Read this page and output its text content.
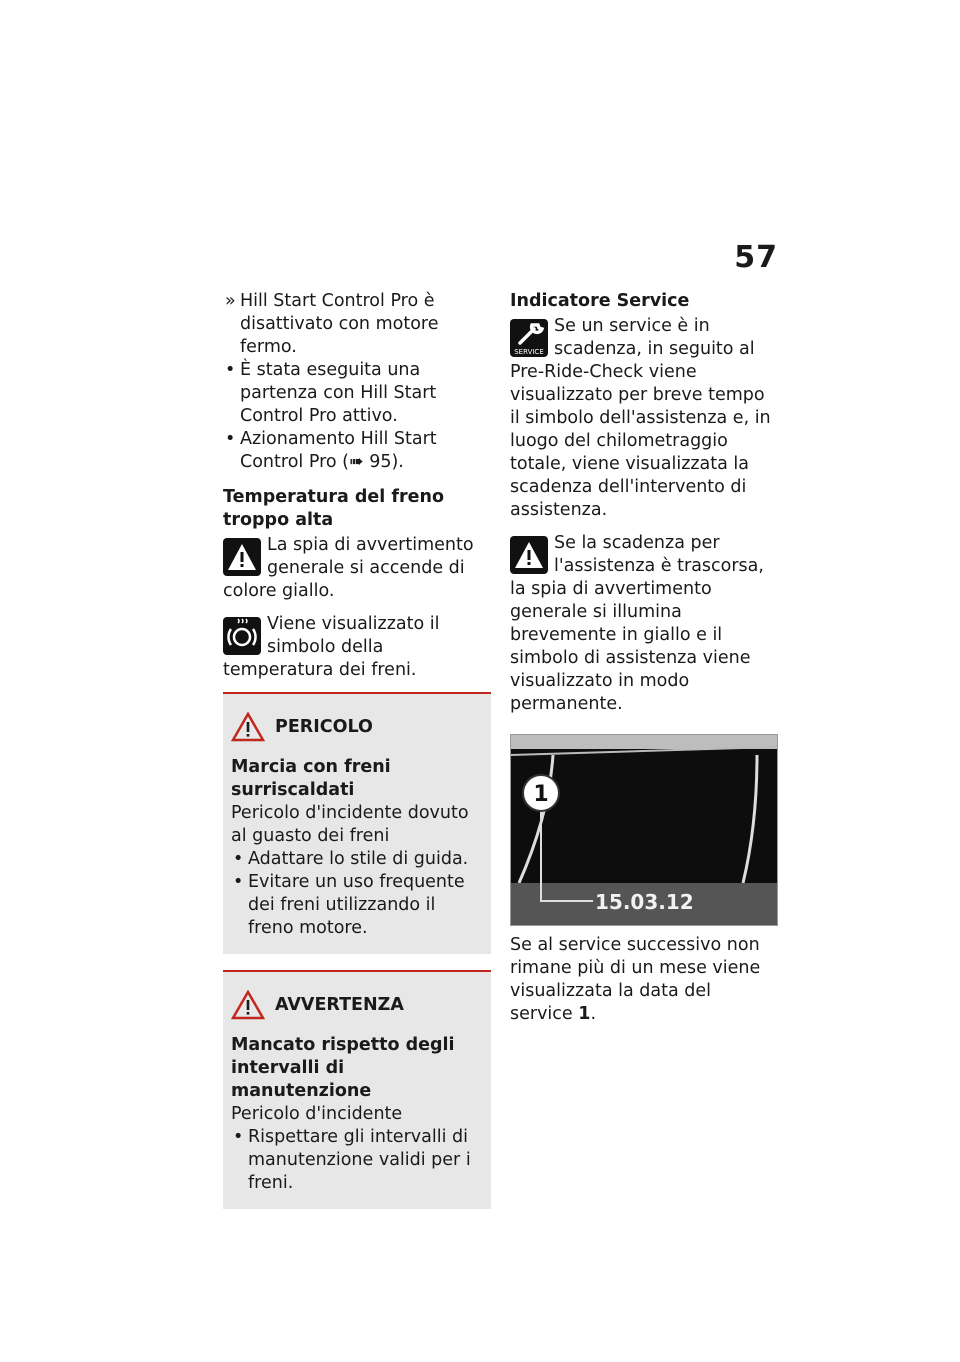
57
» Hill Start Control Pro è disattivato con motore fermo.
• È stata eseguita una partenza con Hill Start Control Pro attivo.
• Azionamento Hill Start Control Pro (➠ 95).
Temperatura del freno troppo alta
La spia di avvertimento generale si accende di colore giallo.
Viene visualizzato il simbolo della temperatura dei freni.
PERICOLO
Marcia con freni surriscaldati
Pericolo d'incidente dovuto al guasto dei freni
• Adattare lo stile di guida.
• Evitare un uso frequente dei freni utilizzando il freno motore.
AVVERTENZA
Mancato rispetto degli intervalli di manutenzione
Pericolo d'incidente
• Rispettare gli intervalli di manutenzione validi per i freni.
Indicatore Service
SERVICE
Se un service è in scadenza, in seguito al Pre-Ride-Check viene visualizzato per breve tempo il simbolo dell'assistenza e, in luogo del chilometraggio totale, viene visualizzata la scadenza dell'intervento di assistenza.
Se la scadenza per l'assistenza è trascorsa, la spia di avvertimento generale si illumina brevemente in giallo e il simbolo di assistenza viene visualizzato in modo permanente.
1
15.03.12
Se al service successivo non rimane più di un mese viene visualizzata la data del service 1.
